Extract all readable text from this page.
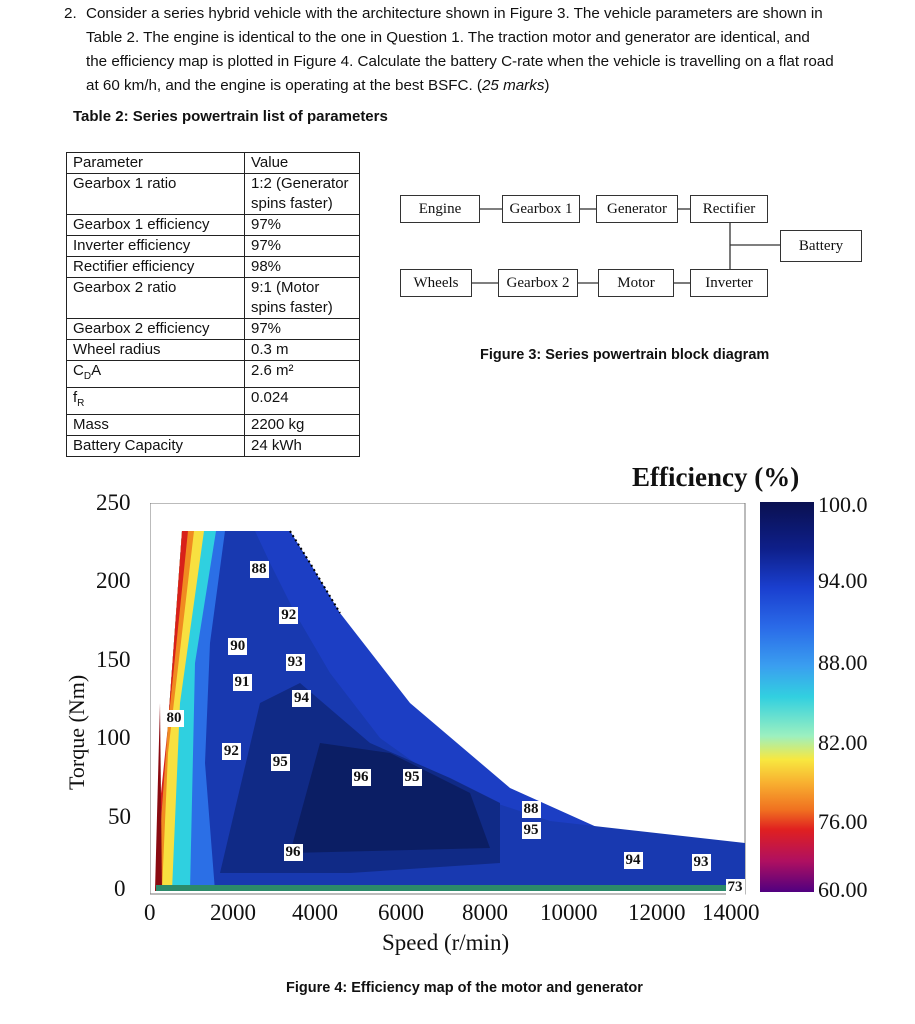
2. Consider a series hybrid vehicle with the architecture shown in Figure 3. The vehicle parameters are shown in

Table 2. The engine is identical to the one in Question 1. The traction motor and generator are identical, and

the efficiency map is plotted in Figure 4. Calculate the battery C-rate when the vehicle is travelling on a flat road

at 60 km/h, and the engine is operating at the best BSFC. (25 marks)

Table 2: Series powertrain list of parameters
Parameter	Value
Gearbox 1 ratio	1:2 (Generator spins faster)
Gearbox 1 efficiency	97%
Inverter efficiency	97%
Rectifier efficiency	98%
Gearbox 2 ratio	9:1 (Motor spins faster)
Gearbox 2 efficiency	97%
Wheel radius	0.3 m
$C_DA$	2.6 m²
$f_R$	0.024
Mass	2200 kg
Battery Capacity	24 kWh
Engine	Gearbox 1	Generator	Rectifier
Battery
Wheels	Gearbox 2	Motor	Inverter
Figure 3: Series powertrain block diagram
Efficiency (%)
88
92
90
93
91
94
80
92
95
96 95
88
95
96	94	93
73
250
200
150
100
50
0
Torque (Nm)
0 2000 4000 6000 8000 10000 12000 14000
Speed (r/min)
100.0
94.00
88.00
82.00
76.00
60.00
Figure 4: Efficiency map of the motor and generator
